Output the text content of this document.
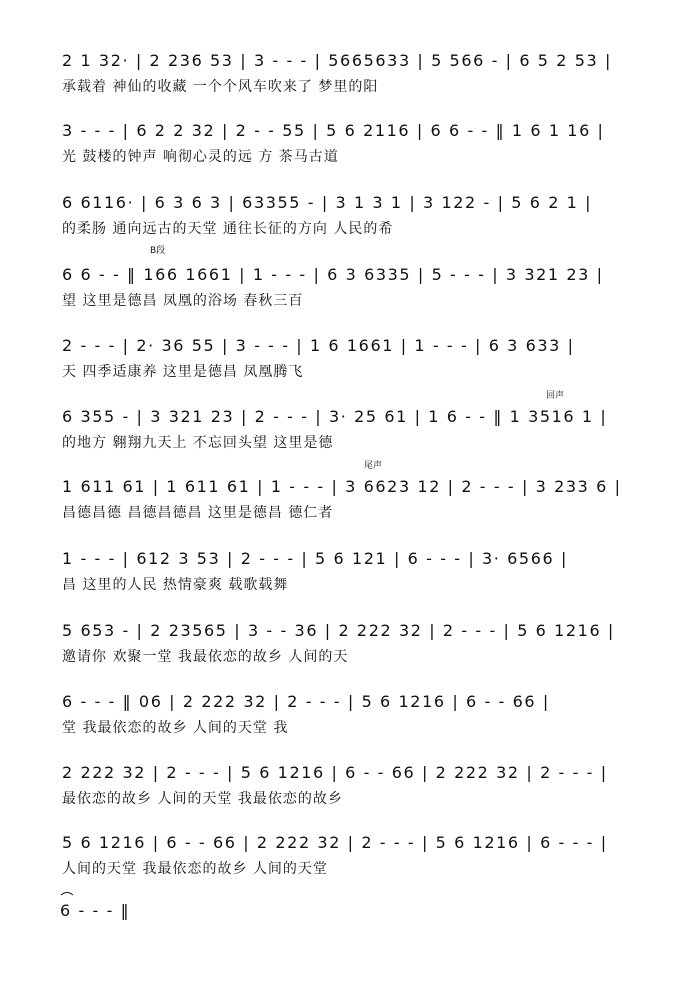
2 1 32· | 2 236 53 | 3 - - - | 5665633 | 5 566 - | 6 5 2 53 |
承载着 神仙的收藏 一个个风车吹来了 梦里的阳
3 - - - | 6 2 2 32 | 2 - - 55 | 5 6 2116 | 6 6 - - ‖ 1 6 1 16 |
光 鼓楼的钟声 响彻心灵的远 方 茶马古道
6 6116· | 6 3 6 3 | 63355 - | 3 1 3 1 | 3 122 - | 5 6 2 1 |
的柔肠 通向远古的天堂 通往长征的方向 人民的希
B段
6 6 - - ‖ 166 1661 | 1 - - - | 6 3 6335 | 5 - - - | 3 321 23 |
望 这里是德昌 凤凰的浴场 春秋三百
2 - - - | 2· 36 55 | 3 - - - | 1 6 1661 | 1 - - - | 6 3 633 |
天 四季适康养 这里是德昌 凤凰腾飞
回声
6 355 - | 3 321 23 | 2 - - - | 3· 25 61 | 1 6 - - ‖ 1 3516 1 |
的地方 翱翔九天上 不忘回头望 这里是德
尾声
1 611 61 | 1 611 61 | 1 - - - | 3 6623 12 | 2 - - - | 3 233 6 |
昌德昌德 昌德昌德昌 这里是德昌 德仁者
1 - - - | 612 3 53 | 2 - - - | 5 6 121 | 6 - - - | 3· 6566 |
昌 这里的人民 热情豪爽 载歌载舞
5 653 - | 2 23565 | 3 - - 36 | 2 222 32 | 2 - - - | 5 6 1216 |
邀请你 欢聚一堂 我最依恋的故乡 人间的天
6 - - - ‖ 06 | 2 222 32 | 2 - - - | 5 6 1216 | 6 - - 66 |
堂 我最依恋的故乡 人间的天堂 我
2 222 32 | 2 - - - | 5 6 1216 | 6 - - 66 | 2 222 32 | 2 - - - |
最依恋的故乡 人间的天堂 我最依恋的故乡
5 6 1216 | 6 - - 66 | 2 222 32 | 2 - - - | 5 6 1216 | 6 - - - |
人间的天堂 我最依恋的故乡 人间的天堂
6 - - - ‖
